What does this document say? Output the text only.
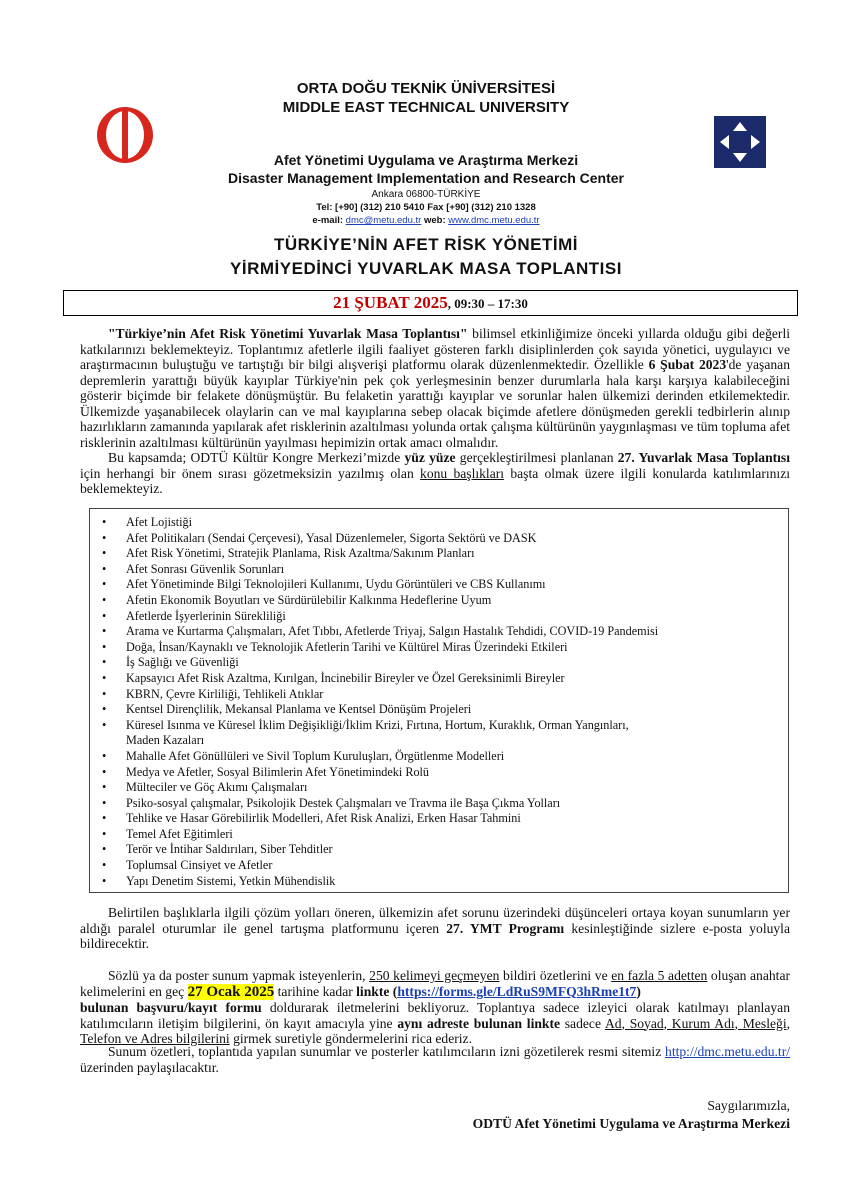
ORTA DOĞU TEKNİK ÜNİVERSİTESİ
MIDDLE EAST TECHNICAL UNIVERSITY
Afet Yönetimi Uygulama ve Araştırma Merkezi
Disaster Management Implementation and Research Center
Ankara 06800-TÜRKİYE
Tel: [+90] (312) 210 5410 Fax [+90] (312) 210 1328
e-mail: dmc@metu.edu.tr web: www.dmc.metu.edu.tr
TÜRKİYE’NİN AFET RİSK YÖNETİMİ
YİRMİYEDİNCİ YUVARLAK MASA TOPLANTISI
21 ŞUBAT 2025, 09:30 – 17:30
"Türkiye’nin Afet Risk Yönetimi Yuvarlak Masa Toplantısı" bilimsel etkinliğimize önceki yıllarda olduğu gibi değerli katkılarınızı beklemekteyiz. Toplantımız afetlerle ilgili faaliyet gösteren farklı disiplinlerden çok sayıda yönetici, uygulayıcı ve araştırmacının buluştuğu ve tartıştığı bir bilgi alışverişi platformu olarak düzenlenmektedir. Özellikle 6 Şubat 2023'de yaşanan depremlerin yarattığı büyük kayıplar Türkiye'nin pek çok yerleşmesinin benzer durumlarla hala karşı karşıya kalabileceğini gösterir biçimde bir felakete dönüşmüştür. Bu felaketin yarattığı kayıplar ve sorunlar halen ülkemizi derinden etkilemektedir. Ülkemizde yaşanabilecek olaylarin can ve mal kayıplarına sebep olacak biçimde afetlere dönüşmeden gerekli tedbirlerin alınıp hazırlıkların zamanında yapılarak afet risklerinin azaltılması yolunda ortak çalışma kültürünün yaygınlaşması ve tüm topluma afet risklerinin azaltılması kültürünün yayılması hepimizin ortak amacı olmalıdır.
Bu kapsamda; ODTÜ Kültür Kongre Merkezi’mizde yüz yüze gerçekleştirilmesi planlanan 27. Yuvarlak Masa Toplantısı için herhangi bir önem sırası gözetmeksizin yazılmış olan konu başlıkları başta olmak üzere ilgili konularda katılımlarınızı beklemekteyiz.
• Afet Lojistiği
• Afet Politikaları (Sendai Çerçevesi), Yasal Düzenlemeler, Sigorta Sektörü ve DASK
• Afet Risk Yönetimi, Stratejik Planlama, Risk Azaltma/Sakınım Planları
• Afet Sonrası Güvenlik Sorunları
• Afet Yönetiminde Bilgi Teknolojileri Kullanımı, Uydu Görüntüleri ve CBS Kullanımı
• Afetin Ekonomik Boyutları ve Sürdürülebilir Kalkınma Hedeflerine Uyum
• Afetlerde İşyerlerinin Sürekliliği
• Arama ve Kurtarma Çalışmaları, Afet Tıbbı, Afetlerde Triyaj, Salgın Hastalık Tehdidi, COVID-19 Pandemisi
• Doğa, İnsan/Kaynaklı ve Teknolojik Afetlerin Tarihi ve Kültürel Miras Üzerindeki Etkileri
• İş Sağlığı ve Güvenliği
• Kapsayıcı Afet Risk Azaltma, Kırılgan, İncinebilir Bireyler ve Özel Gereksinimli Bireyler
• KBRN, Çevre Kirliliği, Tehlikeli Atıklar
• Kentsel Dirençlilik, Mekansal Planlama ve Kentsel Dönüşüm Projeleri
• Küresel Isınma ve Küresel İklim Değişikliği/İklim Krizi, Fırtına, Hortum, Kuraklık, Orman Yangınları,
Maden Kazaları
• Mahalle Afet Gönüllüleri ve Sivil Toplum Kuruluşları, Örgütlenme Modelleri
• Medya ve Afetler, Sosyal Bilimlerin Afet Yönetimindeki Rolü
• Mülteciler ve Göç Akımı Çalışmaları
• Psiko-sosyal çalışmalar, Psikolojik Destek Çalışmaları ve Travma ile Başa Çıkma Yolları
• Tehlike ve Hasar Görebilirlik Modelleri, Afet Risk Analizi, Erken Hasar Tahmini
• Temel Afet Eğitimleri
• Terör ve İntihar Saldırıları, Siber Tehditler
• Toplumsal Cinsiyet ve Afetler
• Yapı Denetim Sistemi, Yetkin Mühendislik
Belirtilen başlıklarla ilgili çözüm yolları öneren, ülkemizin afet sorunu üzerindeki düşünceleri ortaya koyan sunumların yer aldığı paralel oturumlar ile genel tartışma platformunu içeren 27. YMT Programı kesinleştiğinde sizlere e-posta yoluyla bildirecektir.
Sözlü ya da poster sunum yapmak isteyenlerin, 250 kelimeyi geçmeyen bildiri özetlerini ve en fazla 5 adetten oluşan anahtar kelimelerini en geç 27 Ocak 2025 tarihine kadar linkte (https://forms.gle/LdRuS9MFQ3hRme1t7)
bulunan başvuru/kayıt formu doldurarak iletmelerini bekliyoruz. Toplantıya sadece izleyici olarak katılmayı planlayan katılımcıların iletişim bilgilerini, ön kayıt amacıyla yine aynı adreste bulunan linkte sadece Ad, Soyad, Kurum Adı, Mesleği, Telefon ve Adres bilgilerini girmek suretiyle göndermelerini rica ederiz.
Sunum özetleri, toplantıda yapılan sunumlar ve posterler katılımcıların izni gözetilerek resmi sitemiz http://dmc.metu.edu.tr/ üzerinden paylaşılacaktır.
Saygılarımızla,
ODTÜ Afet Yönetimi Uygulama ve Araştırma Merkezi
